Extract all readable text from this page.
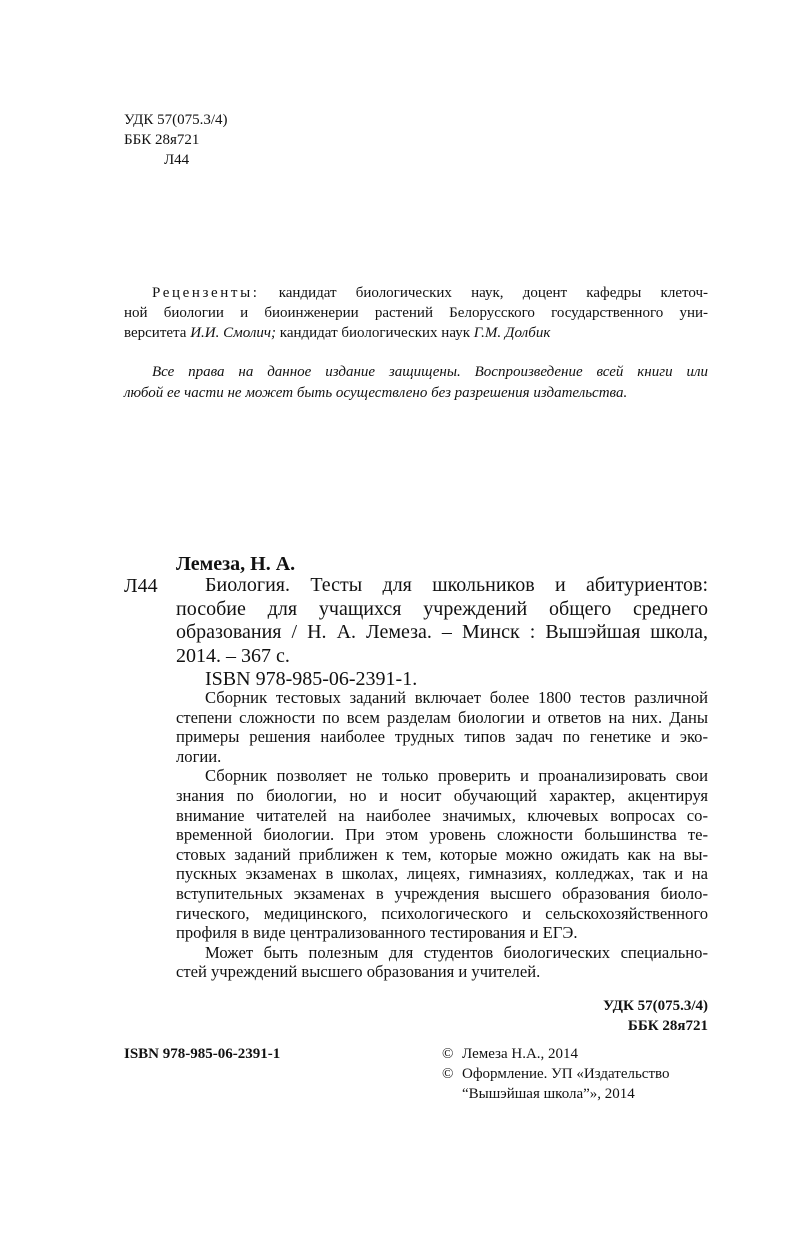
УДК 57(075.3/4)
ББК 28я721
Л44
Рецензенты: кандидат биологических наук, доцент кафедры клеточ-
ной биологии и биоинженерии растений Белорусского государственного уни-
верситета И.И. Смолич; кандидат биологических наук Г.М. Долбик
Все права на данное издание защищены. Воспроизведение всей книги или
любой ее части не может быть осуществлено без разрешения издательства.
Лемеза, Н. А.
Л44	Биология. Тесты для школьников и абитуриентов:
пособие для учащихся учреждений общего среднего
образования / Н. А. Лемеза. – Минск : Вышэйшая школа,
2014. – 367 с.
ISBN 978-985-06-2391-1.
Сборник тестовых заданий включает более 1800 тестов различной
степени сложности по всем разделам биологии и ответов на них. Даны
примеры решения наиболее трудных типов задач по генетике и эко-
логии.
Сборник позволяет не только проверить и проанализировать свои
знания по биологии, но и носит обучающий характер, акцентируя
внимание читателей на наиболее значимых, ключевых вопросах со-
временной биологии. При этом уровень сложности большинства те-
стовых заданий приближен к тем, которые можно ожидать как на вы-
пускных экзаменах в школах, лицеях, гимназиях, колледжах, так и на
вступительных экзаменах в учреждения высшего образования биоло-
гического, медицинского, психологического и сельскохозяйственного
профиля в виде централизованного тестирования и ЕГЭ.
Может быть полезным для студентов биологических специально-
стей учреждений высшего образования и учителей.
УДК 57(075.3/4)
ББК 28я721
ISBN 978-985-06-2391-1	© Лемеза Н.А., 2014
© Оформление. УП «Издательство
“Вышэйшая школа”», 2014
